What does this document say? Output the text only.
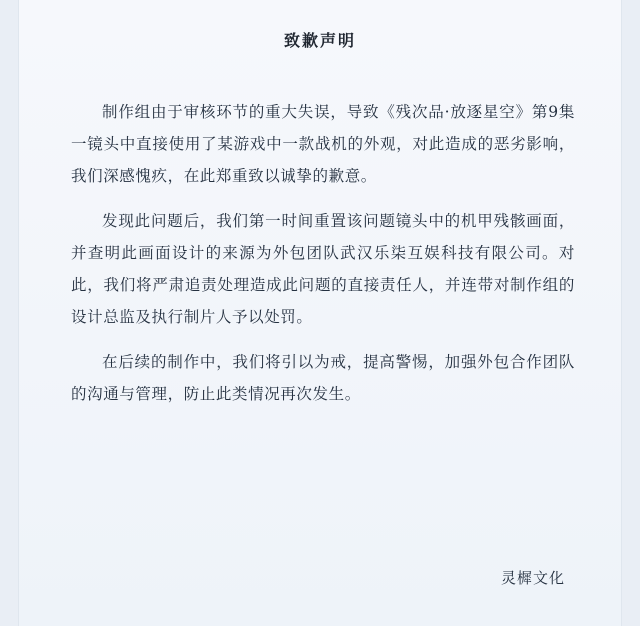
致歉声明

制作组由于审核环节的重大失误，导致《残次品·放逐星空》第9集一镜头中直接使用了某游戏中一款战机的外观，对此造成的恶劣影响，我们深感愧疚，在此郑重致以诚挚的歉意。

发现此问题后，我们第一时间重置该问题镜头中的机甲残骸画面，并查明此画面设计的来源为外包团队武汉乐柒互娱科技有限公司。对此，我们将严肃追责处理造成此问题的直接责任人，并连带对制作组的设计总监及执行制片人予以处罚。

在后续的制作中，我们将引以为戒，提高警惕，加强外包合作团队的沟通与管理，防止此类情况再次发生。

灵樨文化
